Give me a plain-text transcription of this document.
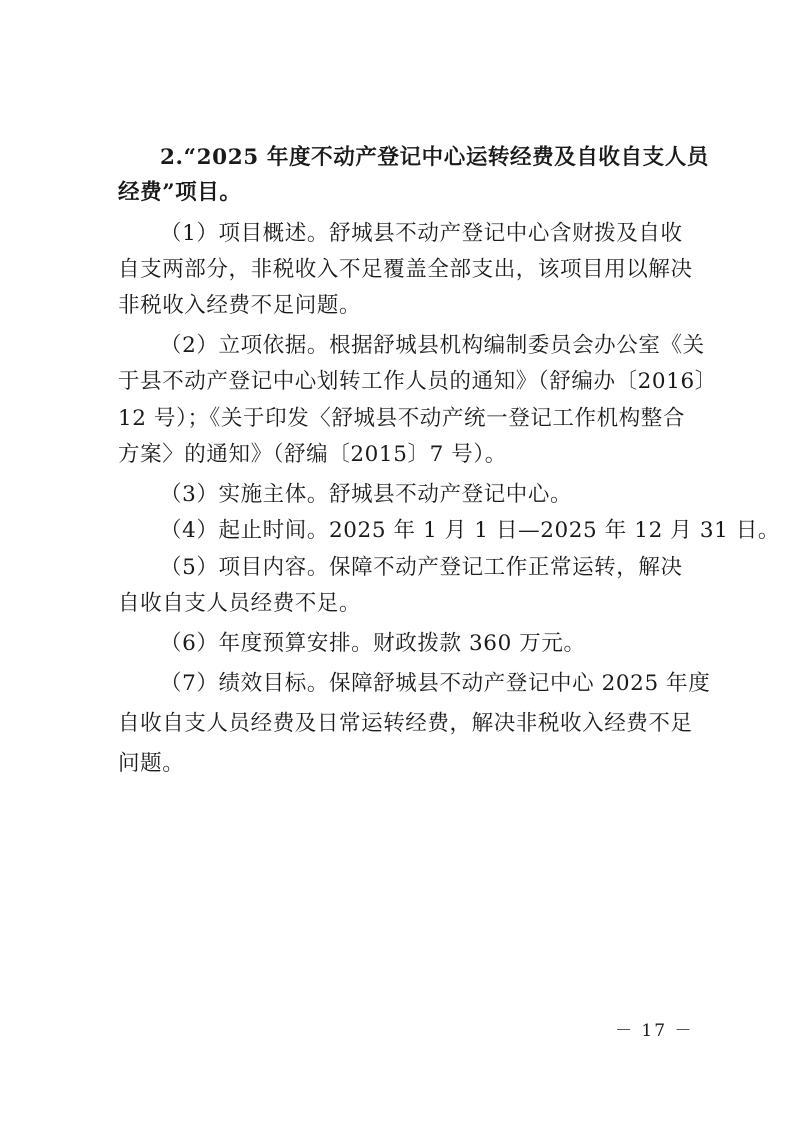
2.“2025 年度不动产登记中心运转经费及自收自支人员
经费”项目。
（1）项目概述。舒城县不动产登记中心含财拨及自收
自支两部分，非税收入不足覆盖全部支出，该项目用以解决
非税收入经费不足问题。
（2）立项依据。根据舒城县机构编制委员会办公室《关
于县不动产登记中心划转工作人员的通知》（舒编办〔2016〕
12 号）；《关于印发〈舒城县不动产统一登记工作机构整合
方案〉的通知》（舒编〔2015〕7 号）。
（3）实施主体。舒城县不动产登记中心。
（4）起止时间。2025 年 1 月 1 日—2025 年 12 月 31 日。
（5）项目内容。保障不动产登记工作正常运转，解决
自收自支人员经费不足。
（6）年度预算安排。财政拨款 360 万元。
（7）绩效目标。保障舒城县不动产登记中心 2025 年度
自收自支人员经费及日常运转经费，解决非税收入经费不足
问题。
－ 17 －
